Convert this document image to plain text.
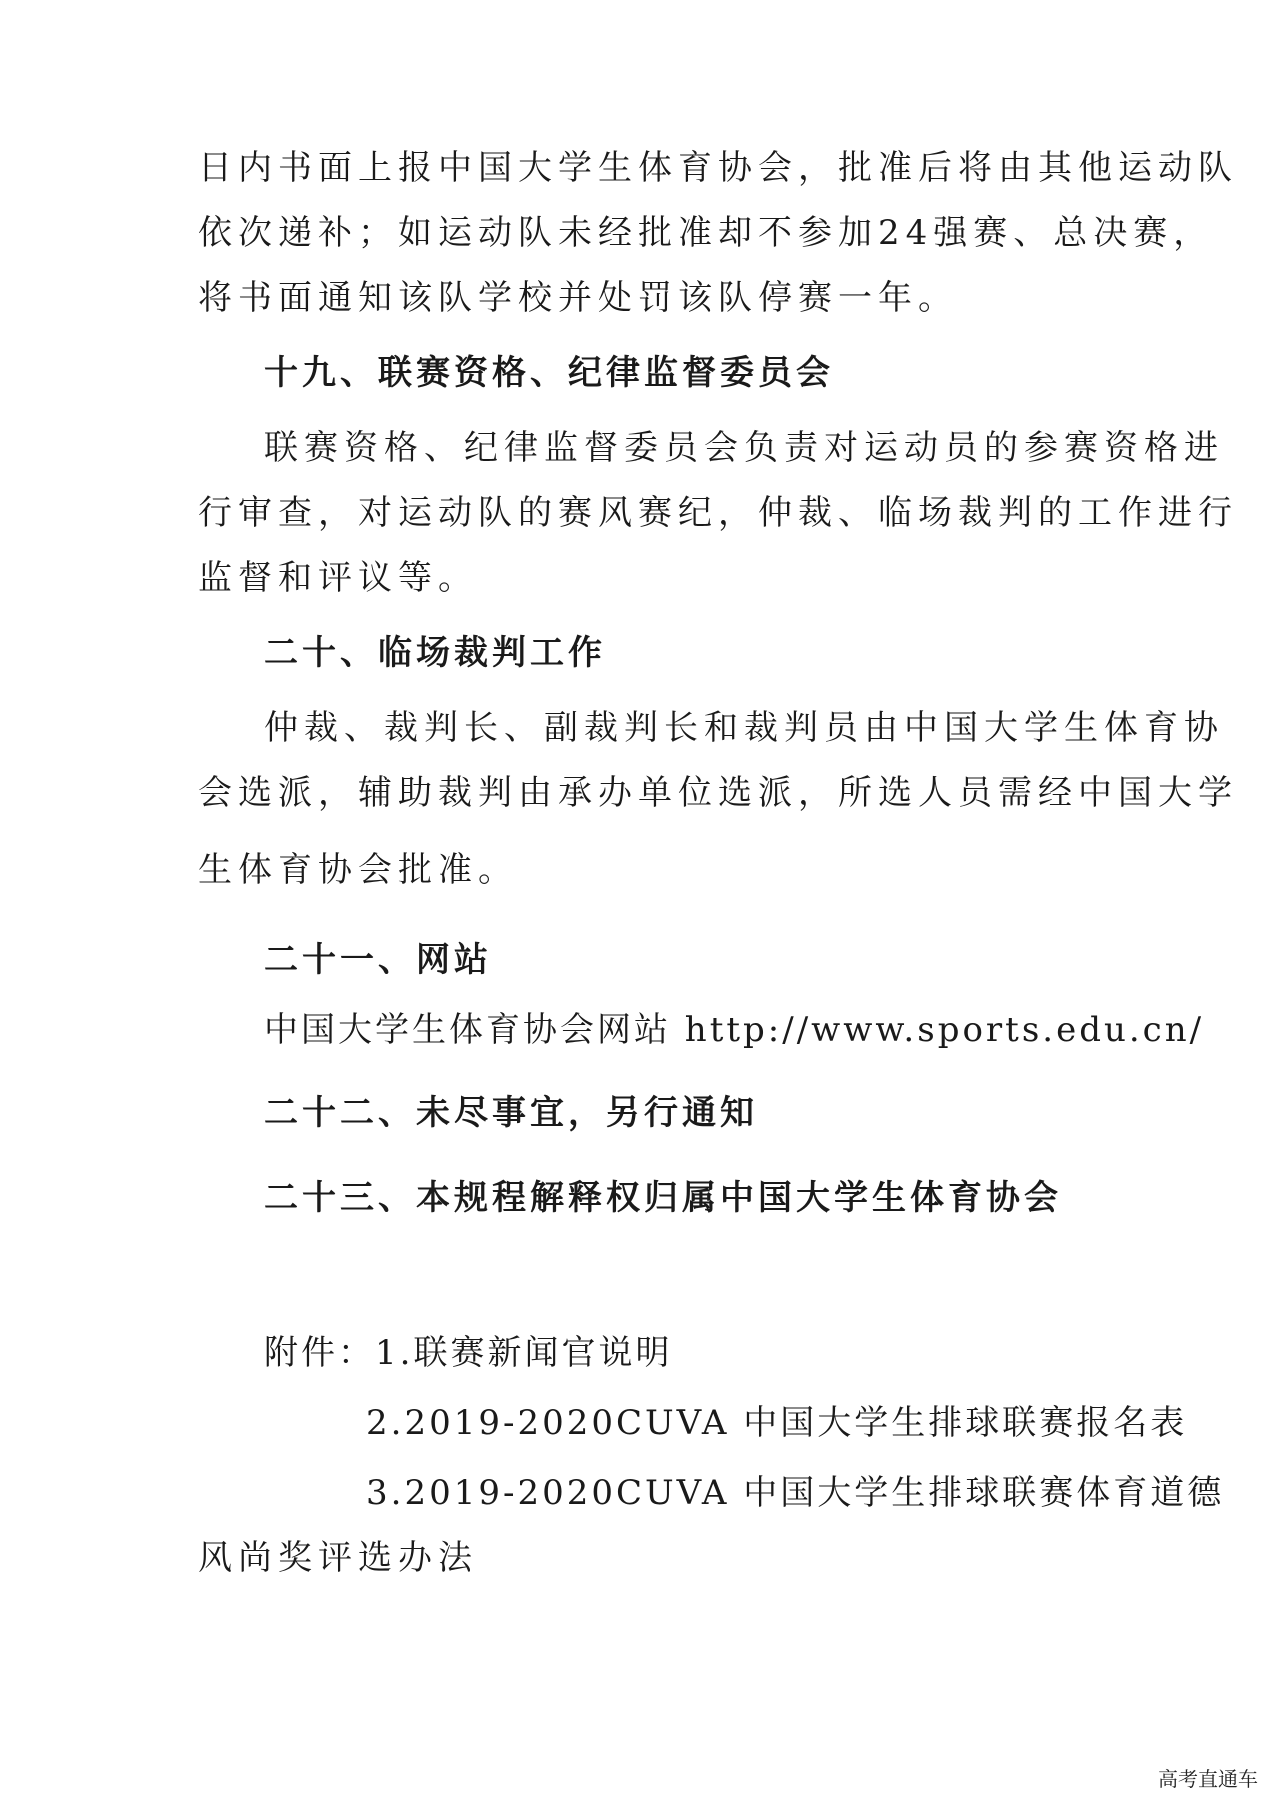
日内书面上报中国大学生体育协会，批准后将由其他运动队
依次递补；如运动队未经批准却不参加24强赛、总决赛，
将书面通知该队学校并处罚该队停赛一年。
十九、联赛资格、纪律监督委员会
联赛资格、纪律监督委员会负责对运动员的参赛资格进
行审查，对运动队的赛风赛纪，仲裁、临场裁判的工作进行
监督和评议等。
二十、临场裁判工作
仲裁、裁判长、副裁判长和裁判员由中国大学生体育协
会选派，辅助裁判由承办单位选派，所选人员需经中国大学
生体育协会批准。
二十一、网站
中国大学生体育协会网站 http://www.sports.edu.cn/
二十二、未尽事宜，另行通知
二十三、本规程解释权归属中国大学生体育协会
附件：1.联赛新闻官说明
2.2019-2020CUVA 中国大学生排球联赛报名表
3.2019-2020CUVA 中国大学生排球联赛体育道德
风尚奖评选办法
高考直通车
